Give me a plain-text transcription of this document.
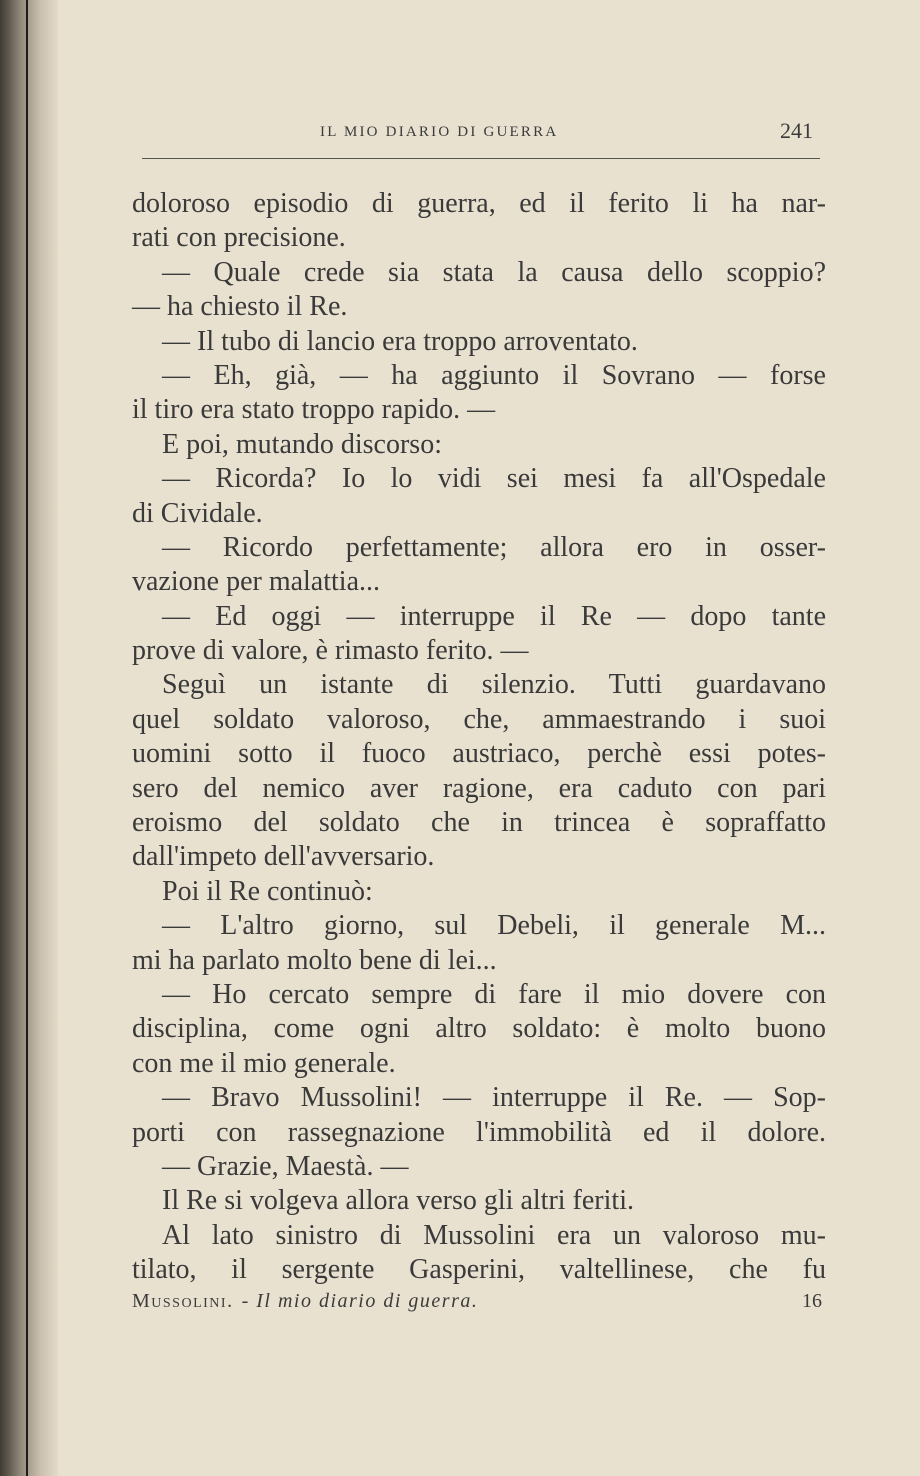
IL MIO DIARIO DI GUERRA	241
doloroso episodio di guerra, ed il ferito li ha nar-
rati con precisione.
— Quale crede sia stata la causa dello scoppio?
— ha chiesto il Re.
— Il tubo di lancio era troppo arroventato.
— Eh, già, — ha aggiunto il Sovrano — forse
il tiro era stato troppo rapido. —
E poi, mutando discorso:
— Ricorda? Io lo vidi sei mesi fa all'Ospedale
di Cividale.
— Ricordo perfettamente; allora ero in osser-
vazione per malattia...
— Ed oggi — interruppe il Re — dopo tante
prove di valore, è rimasto ferito. —
Seguì un istante di silenzio. Tutti guardavano
quel soldato valoroso, che, ammaestrando i suoi
uomini sotto il fuoco austriaco, perchè essi potes-
sero del nemico aver ragione, era caduto con pari
eroismo del soldato che in trincea è sopraffatto
dall'impeto dell'avversario.
Poi il Re continuò:
— L'altro giorno, sul Debeli, il generale M...
mi ha parlato molto bene di lei...
— Ho cercato sempre di fare il mio dovere con
disciplina, come ogni altro soldato: è molto buono
con me il mio generale.
— Bravo Mussolini! — interruppe il Re. — Sop-
porti con rassegnazione l'immobilità ed il dolore.
— Grazie, Maestà. —
Il Re si volgeva allora verso gli altri feriti.
Al lato sinistro di Mussolini era un valoroso mu-
tilato, il sergente Gasperini, valtellinese, che fu
Mussolini. - Il mio diario di guerra.	16
